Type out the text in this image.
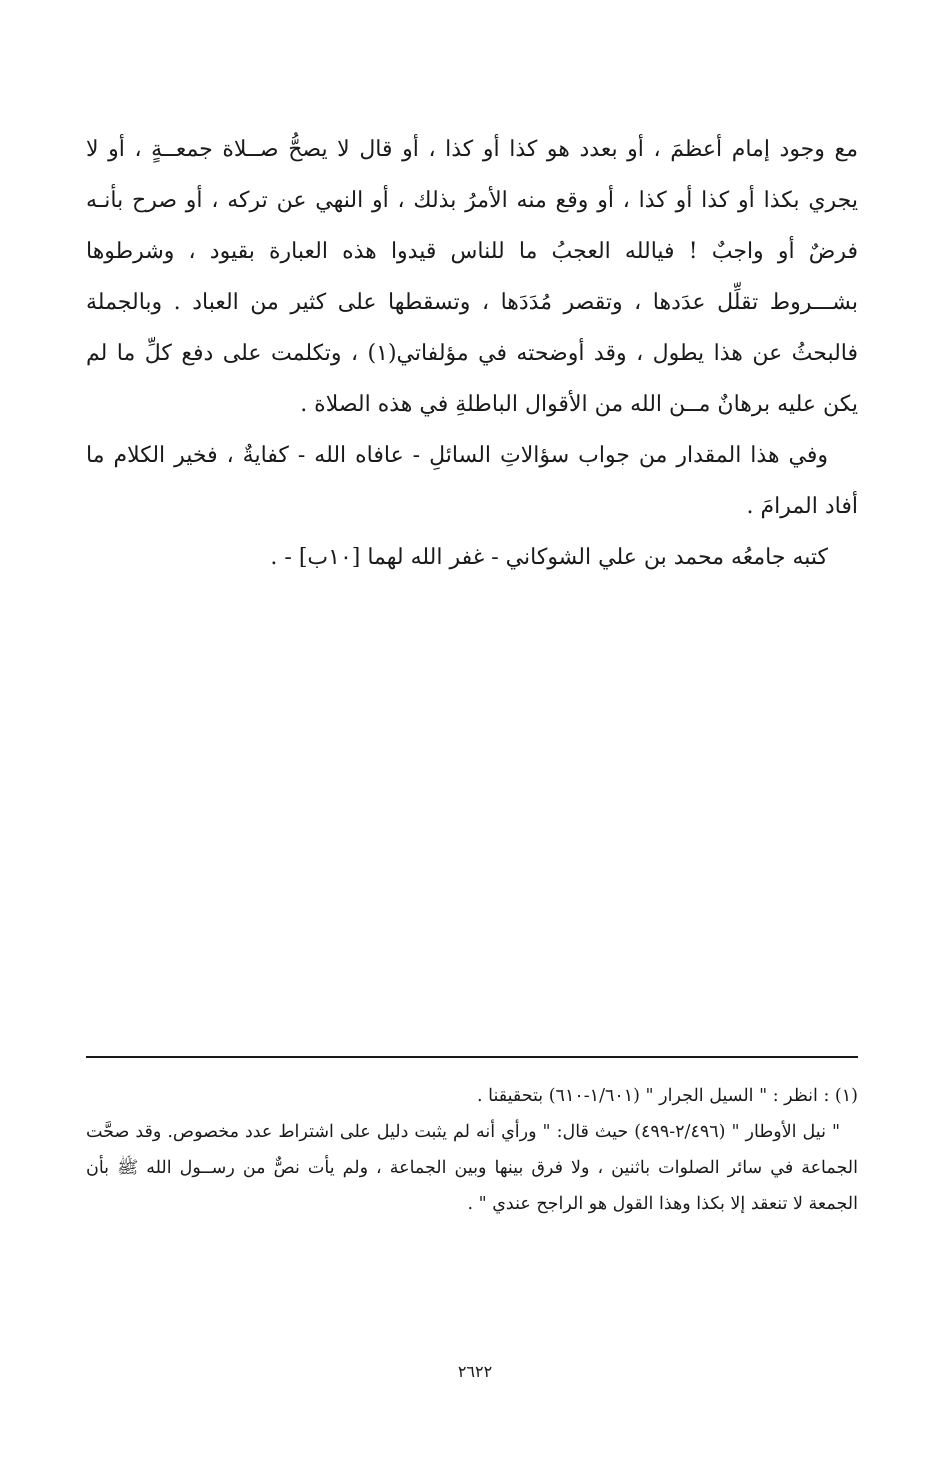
مع وجود إمام أعظمَ ، أو بعدد هو كذا أو كذا ، أو قال لا يصحُّ صــلاة جمعــةٍ ، أو لا يجري بكذا أو كذا أو كذا ، أو وقع منه الأمرُ بذلك ، أو النهي عن تركه ، أو صرح بأنـه فرضٌ أو واجبٌ ! فيالله العجبُ ما للناس قيدوا هذه العبارة بقيود ، وشرطوها بشـــروط تقلِّل عدَدها ، وتقصر مُدَدَها ، وتسقطها على كثير من العباد . وبالجملة فالبحثُ عن هذا يطول ، وقد أوضحته في مؤلفاتي(١) ، وتكلمت على دفع كلِّ ما لم يكن عليه برهانٌ مــن الله من الأقوال الباطلةِ في هذه الصلاة .

وفي هذا المقدار من جواب سؤالاتِ السائلِ - عافاه الله - كفايةٌ ، فخير الكلام ما أفاد المرامَ .

كتبه جامعُه محمد بن علي الشوكاني - غفر الله لهما [١٠ب] - .

(١) : انظر : " السيل الجرار " (١/٦٠١-٦١٠) بتحقيقنا .

" نيل الأوطار " (٢/٤٩٦-٤٩٩) حيث قال: " ورأي أنه لم يثبت دليل على اشتراط عدد مخصوص. وقد صحَّت الجماعة في سائر الصلوات باثنين ، ولا فرق بينها وبين الجماعة ، ولم يأت نصٌّ من رســول الله ﷺ بأن الجمعة لا تنعقد إلا بكذا وهذا القول هو الراجح عندي " .

٢٦٢٢
